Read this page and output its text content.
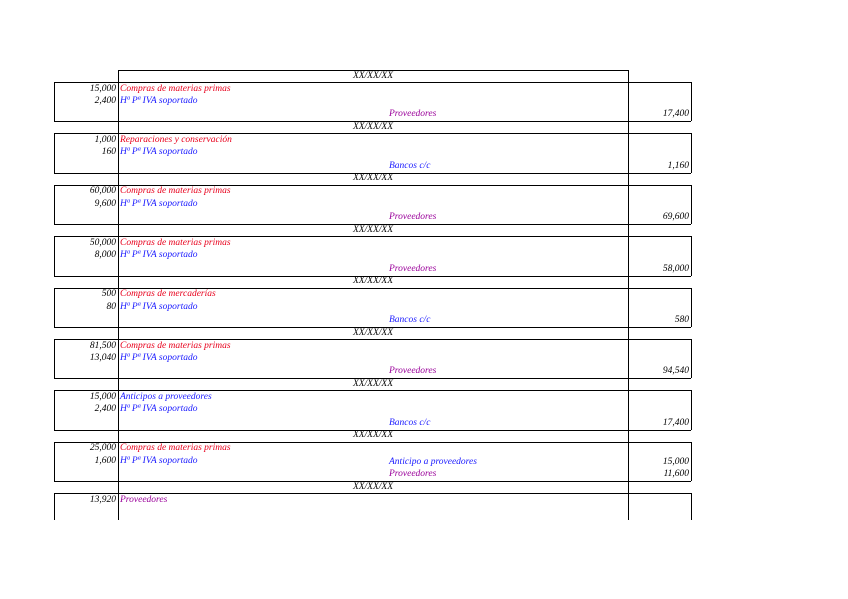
XX/XX/XX
15,000 Compras de materias primas
2,400 Hª Pª IVA soportado
Proveedores	17,400
XX/XX/XX
1,000 Reparaciones y conservación
160 Hª Pª IVA soportado
Bancos c/c	1,160
XX/XX/XX
60,000 Compras de materias primas
9,600 Hª Pª IVA soportado
Proveedores	69,600
XX/XX/XX
50,000 Compras de materias primas
8,000 Hª Pª IVA soportado
Proveedores	58,000
XX/XX/XX
500 Compras de mercaderías
80 Hª Pª IVA soportado
Bancos c/c	580
XX/XX/XX
81,500 Compras de materias primas
13,040 Hª Pª IVA soportado
Proveedores	94,540
XX/XX/XX
15,000 Anticipos a proveedores
2,400 Hª Pª IVA soportado
Bancos c/c	17,400
XX/XX/XX
25,000 Compras de materias primas
1,600 Hª Pª IVA soportado	Anticipo a proveedores	15,000
Proveedores	11,600
XX/XX/XX
13,920 Proveedores
